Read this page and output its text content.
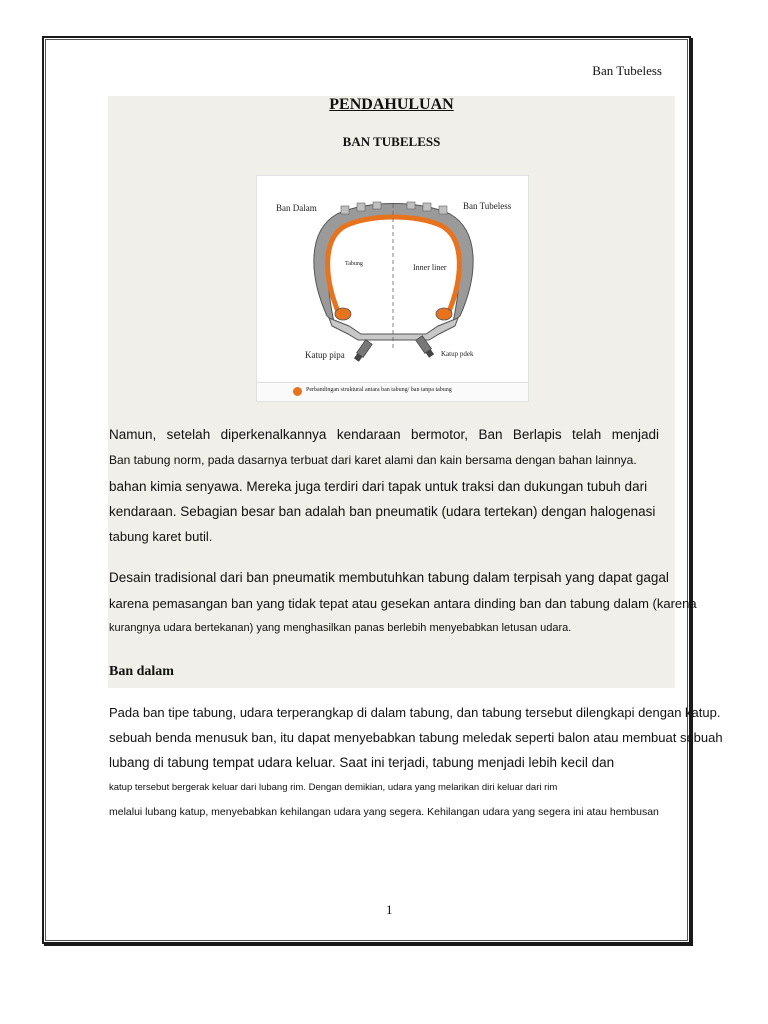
Ban Tubeless
PENDAHULUAN
BAN TUBELESS
Ban Dalam	Ban Tubeless
Tabung	Inner liner
Katup pipa	Katup pdek
Perbandingan struktural antara ban tabung/ ban tanpa tabung
Namun, setelah diperkenalkannya kendaraan bermotor, Ban Berlapis telah menjadi
Ban tabung norm, pada dasarnya terbuat dari karet alami dan kain bersama dengan bahan lainnya.
bahan kimia senyawa. Mereka juga terdiri dari tapak untuk traksi dan dukungan tubuh dari
kendaraan. Sebagian besar ban adalah ban pneumatik (udara tertekan) dengan halogenasi
tabung karet butil.
Desain tradisional dari ban pneumatik membutuhkan tabung dalam terpisah yang dapat gagal
karena pemasangan ban yang tidak tepat atau gesekan antara dinding ban dan tabung dalam (karena
kurangnya udara bertekanan) yang menghasilkan panas berlebih menyebabkan letusan udara.
Ban dalam
Pada ban tipe tabung, udara terperangkap di dalam tabung, dan tabung tersebut dilengkapi dengan katup.
sebuah benda menusuk ban, itu dapat menyebabkan tabung meledak seperti balon atau membuat sebuah
lubang di tabung tempat udara keluar. Saat ini terjadi, tabung menjadi lebih kecil dan
katup tersebut bergerak keluar dari lubang rim. Dengan demikian, udara yang melarikan diri keluar dari rim
melalui lubang katup, menyebabkan kehilangan udara yang segera. Kehilangan udara yang segera ini atau hembusan
1
